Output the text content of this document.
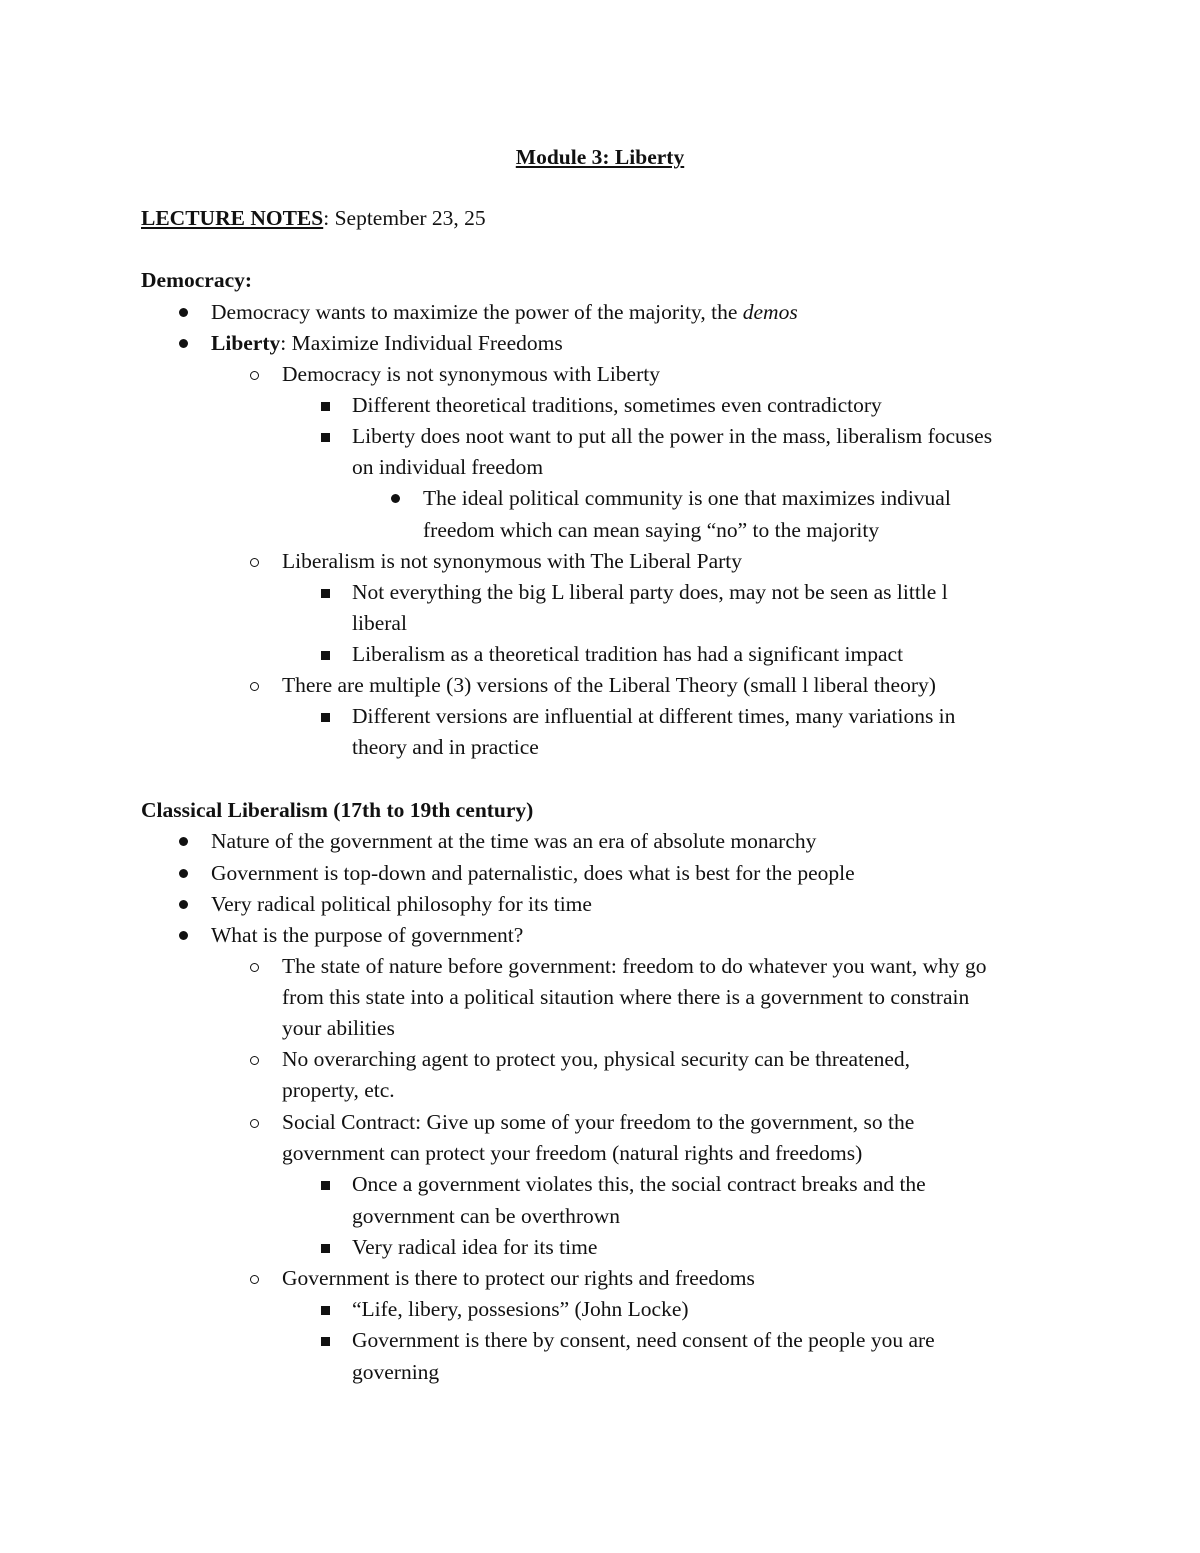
Module 3: Liberty
LECTURE NOTES: September 23, 25
Democracy:
Democracy wants to maximize the power of the majority, the demos
Liberty: Maximize Individual Freedoms
Democracy is not synonymous with Liberty
Different theoretical traditions, sometimes even contradictory
Liberty does noot want to put all the power in the mass, liberalism focuses
on individual freedom
The ideal political community is one that maximizes indivual
freedom which can mean saying “no” to the majority
Liberalism is not synonymous with The Liberal Party
Not everything the big L liberal party does, may not be seen as little l
liberal
Liberalism as a theoretical tradition has had a significant impact
There are multiple (3) versions of the Liberal Theory (small l liberal theory)
Different versions are influential at different times, many variations in
theory and in practice
Classical Liberalism (17th to 19th century)
Nature of the government at the time was an era of absolute monarchy
Government is top-down and paternalistic, does what is best for the people
Very radical political philosophy for its time
What is the purpose of government?
The state of nature before government: freedom to do whatever you want, why go
from this state into a political sitaution where there is a government to constrain
your abilities
No overarching agent to protect you, physical security can be threatened,
property, etc.
Social Contract: Give up some of your freedom to the government, so the
government can protect your freedom (natural rights and freedoms)
Once a government violates this, the social contract breaks and the
government can be overthrown
Very radical idea for its time
Government is there to protect our rights and freedoms
“Life, libery, possesions” (John Locke)
Government is there by consent, need consent of the people you are
governing
